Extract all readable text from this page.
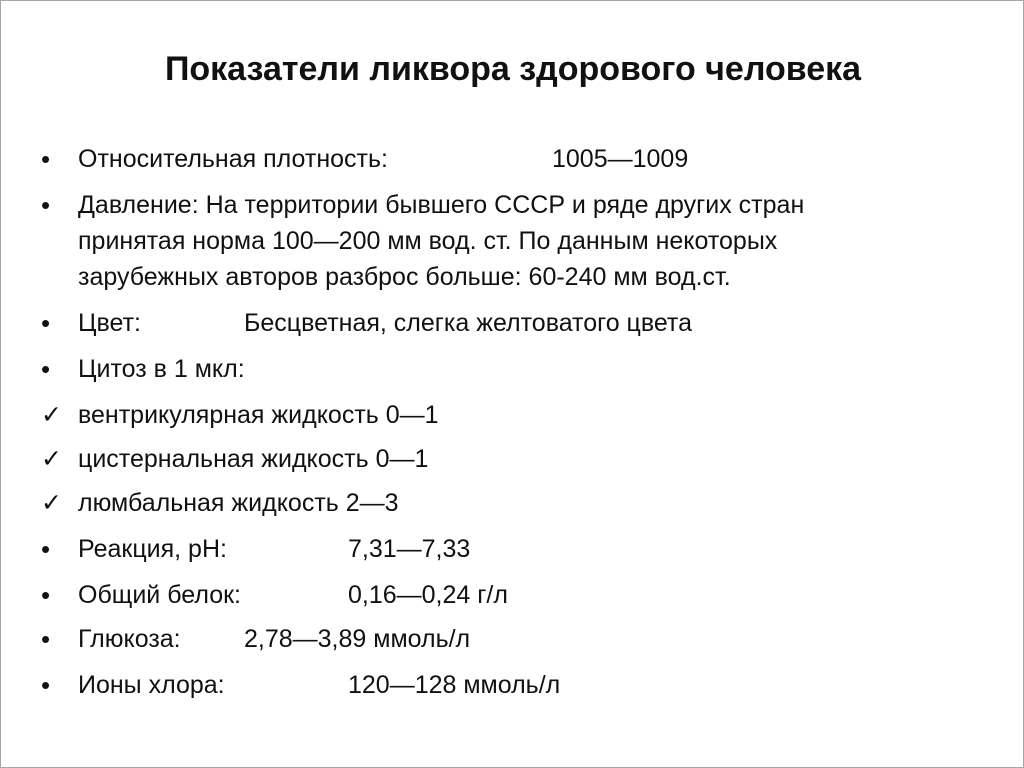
Показатели ликвора здорового человека
•	Относительная плотность:	1005—1009
•	Давление: На территории бывшего СССР и ряде других стран
принятая норма 100—200 мм вод. ст. По данным некоторых
зарубежных авторов разброс больше: 60-240 мм вод.ст.
•	Цвет:	Бесцветная, слегка желтоватого цвета
•	Цитоз в 1 мкл:
✓ вентрикулярная жидкость 0—1
✓ цистернальная жидкость 0—1
✓ люмбальная жидкость 2—3
•	Реакция, pH:	7,31—7,33
•	Общий белок:	0,16—0,24 г/л
•	Глюкоза:	2,78—3,89 ммоль/л
•	Ионы хлора:	120—128 ммоль/л
